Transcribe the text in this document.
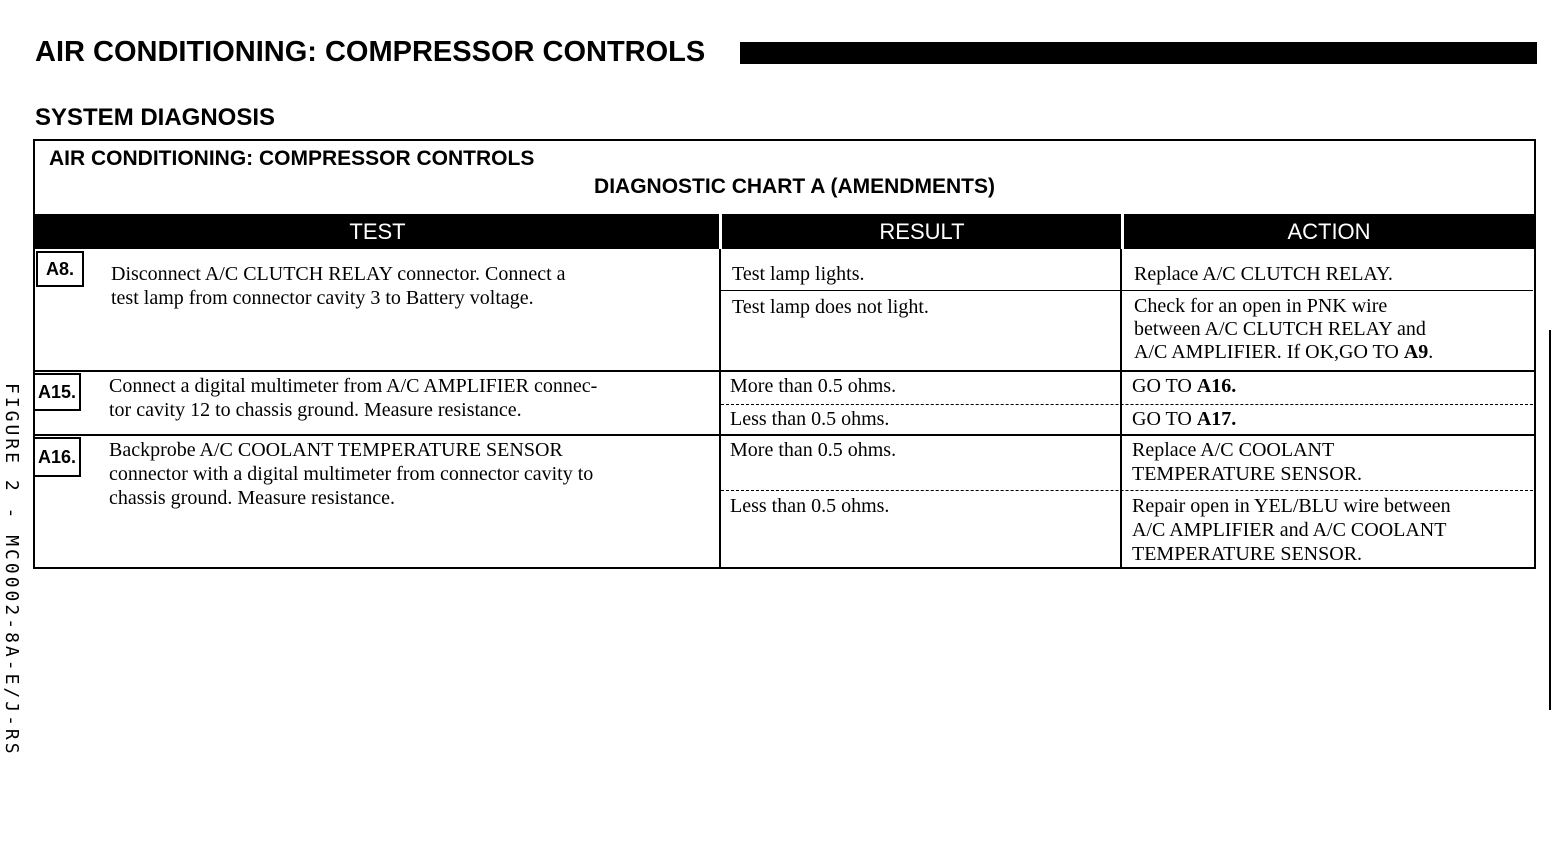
AIR CONDITIONING: COMPRESSOR CONTROLS
SYSTEM DIAGNOSIS
AIR CONDITIONING: COMPRESSOR CONTROLS
DIAGNOSTIC CHART A (AMENDMENTS)
TEST	RESULT	ACTION
A8.	Disconnect A/C CLUTCH RELAY connector. Connect a
test lamp from connector cavity 3 to Battery voltage.
Test lamp lights.	Replace A/C CLUTCH RELAY.
Test lamp does not light.	Check for an open in PNK wire
between A/C CLUTCH RELAY and
A/C AMPLIFIER. If OK,GO TO A9.
A15. Connect a digital multimeter from A/C AMPLIFIER connec-
tor cavity 12 to chassis ground. Measure resistance.
More than 0.5 ohms.	GO TO A16.
Less than 0.5 ohms.	GO TO A17.
A16. Backprobe A/C COOLANT TEMPERATURE SENSOR
connector with a digital multimeter from connector cavity to
chassis ground. Measure resistance.
More than 0.5 ohms.	Replace A/C COOLANT
TEMPERATURE SENSOR.
Less than 0.5 ohms.	Repair open in YEL/BLU wire between
A/C AMPLIFIER and A/C COOLANT
TEMPERATURE SENSOR.
FIGURE 2 - MC0002-8A-E/J-RS
